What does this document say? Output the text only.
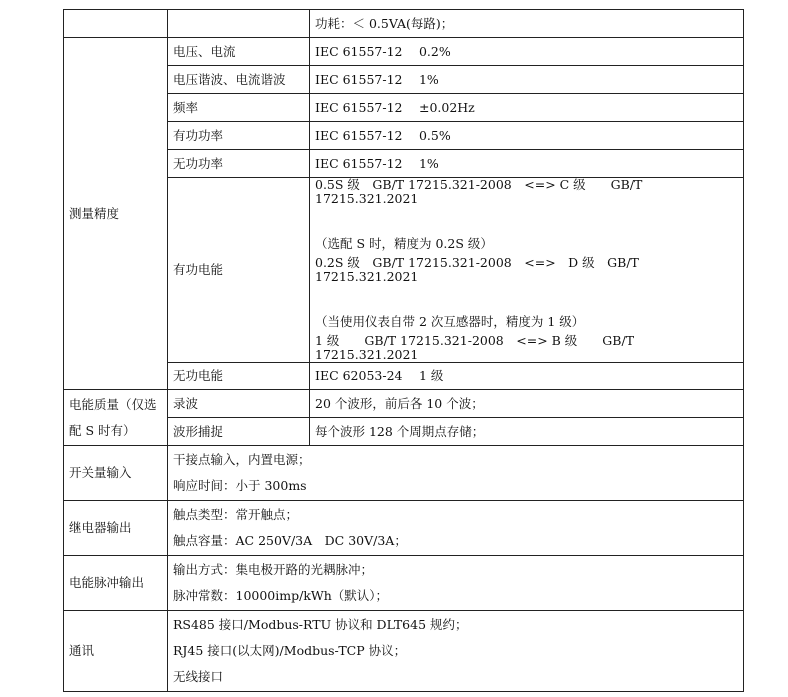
		功耗：＜ 0.5VA(每路)；
测量精度	电压、电流	IEC 61557-12　 0.2%
	电压谐波、电流谐波	IEC 61557-12　 1%
	频率	IEC 61557-12　 ±0.02Hz
	有功功率	IEC 61557-12　 0.5%
	无功功率	IEC 61557-12　 1%
	有功电能	0.5S 级　GB/T 17215.321-2008　<=> C 级　　GB/T 17215.321.2021
（选配 S 时，精度为 0.2S 级）
0.2S 级　GB/T 17215.321-2008　<=>　D 级　GB/T 17215.321.2021
（当使用仪表自带 2 次互感器时，精度为 1 级）
1 级　　GB/T 17215.321-2008　<=> B 级　　GB/T 17215.321.2021

	无功电能	IEC 62053-24　 1 级
电能质量（仅选配 S 时有）	录波	20 个波形，前后各 10 个波；
	波形捕捉	每个波形 128 个周期点存储；
开关量输入	干接点输入，内置电源；
响应时间：小于 300ms	

继电器输出	触点类型：常开触点；
触点容量：AC 250V/3A　DC 30V/3A；	

电能脉冲输出	输出方式：集电极开路的光耦脉冲；
脉冲常数：10000imp/kWh（默认）；	

通讯	RS485 接口/Modbus-RTU 协议和 DLT645 规约；
RJ45 接口(以太网)/Modbus-TCP 协议；
无线接口	
